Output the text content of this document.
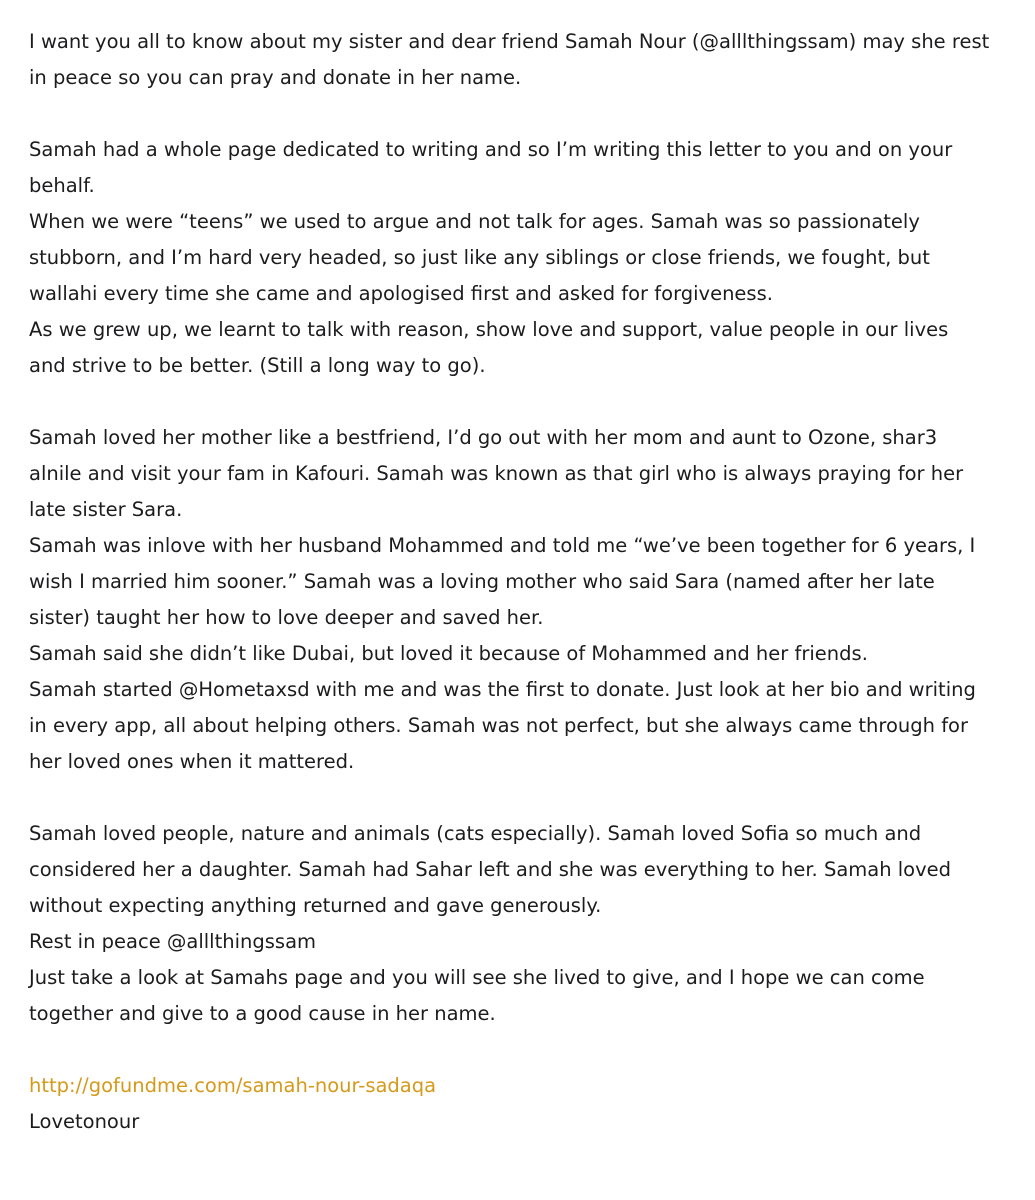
I want you all to know about my sister and dear friend Samah Nour (@alllthingssam) may she rest
in peace so you can pray and donate in her name.
Samah had a whole page dedicated to writing and so I’m writing this letter to you and on your
behalf.
When we were “teens” we used to argue and not talk for ages. Samah was so passionately
stubborn, and I’m hard very headed, so just like any siblings or close friends, we fought, but
wallahi every time she came and apologised first and asked for forgiveness.
As we grew up, we learnt to talk with reason, show love and support, value people in our lives
and strive to be better. (Still a long way to go).
Samah loved her mother like a bestfriend, I’d go out with her mom and aunt to Ozone, shar3
alnile and visit your fam in Kafouri. Samah was known as that girl who is always praying for her
late sister Sara.
Samah was inlove with her husband Mohammed and told me “we’ve been together for 6 years, I
wish I married him sooner.” Samah was a loving mother who said Sara (named after her late
sister) taught her how to love deeper and saved her.
Samah said she didn’t like Dubai, but loved it because of Mohammed and her friends.
Samah started @Hometaxsd with me and was the first to donate. Just look at her bio and writing
in every app, all about helping others. Samah was not perfect, but she always came through for
her loved ones when it mattered.
Samah loved people, nature and animals (cats especially). Samah loved Sofia so much and
considered her a daughter. Samah had Sahar left and she was everything to her. Samah loved
without expecting anything returned and gave generously.
Rest in peace @alllthingssam
Just take a look at Samahs page and you will see she lived to give, and I hope we can come
together and give to a good cause in her name.
http://gofundme.com/samah-nour-sadaqa
Lovetonour
